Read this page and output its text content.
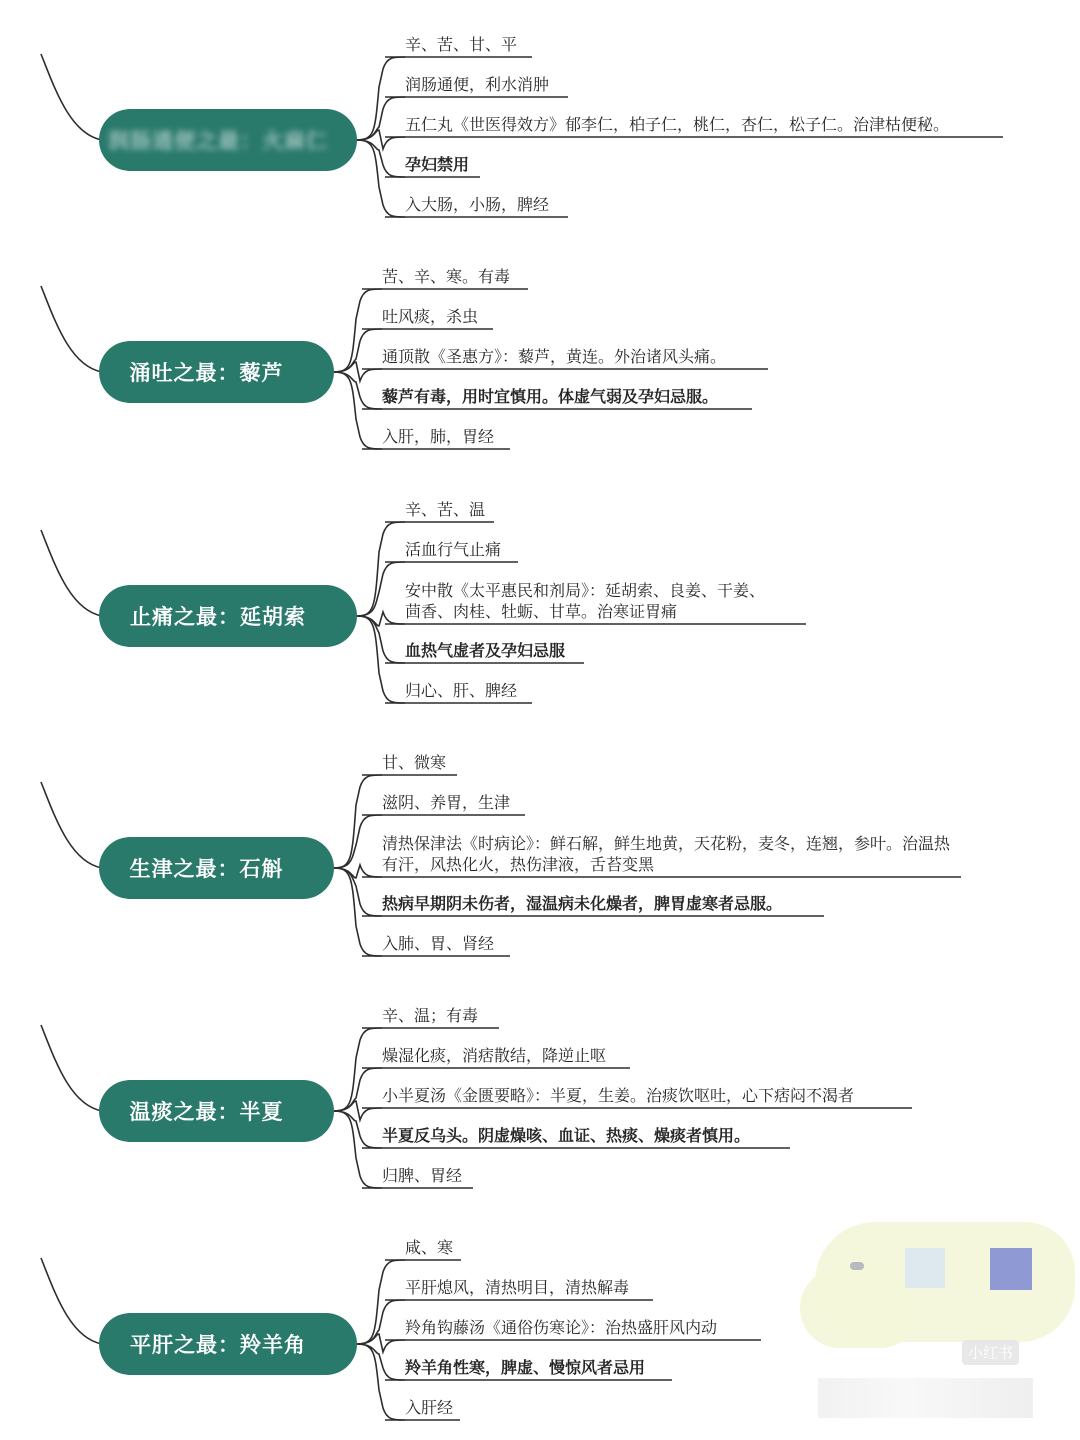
润肠通便之最：火麻仁
辛、苦、甘、平
润肠通便，利水消肿
五仁丸《世医得效方》郁李仁，柏子仁，桃仁，杏仁，松子仁。治津枯便秘。
孕妇禁用
入大肠，小肠，脾经
涌吐之最：藜芦
苦、辛、寒。有毒
吐风痰，杀虫
通顶散《圣惠方》：藜芦，黄连。外治诸风头痛。
藜芦有毒，用时宜慎用。体虚气弱及孕妇忌服。
入肝，肺，胃经
止痛之最：延胡索
辛、苦、温
活血行气止痛
安中散《太平惠民和剂局》：延胡索、良姜、干姜、茴香、肉桂、牡蛎、甘草。治寒证胃痛
血热气虚者及孕妇忌服
归心、肝、脾经
生津之最：石斛
甘、微寒
滋阴、养胃，生津
清热保津法《时病论》：鲜石解，鲜生地黄，天花粉，麦冬，连翘，参叶。治温热有汗，风热化火，热伤津液，舌苔变黑
热病早期阴未伤者，湿温病未化燥者，脾胃虚寒者忌服。
入肺、胃、肾经
温痰之最：半夏
辛、温；有毒
燥湿化痰，消痞散结，降逆止呕
小半夏汤《金匮要略》：半夏，生姜。治痰饮呕吐，心下痞闷不渴者
半夏反乌头。阴虚燥咳、血证、热痰、燥痰者慎用。
归脾、胃经
平肝之最：羚羊角
咸、寒
平肝熄风，清热明目，清热解毒
羚角钩藤汤《通俗伤寒论》：治热盛肝风内动
羚羊角性寒，脾虚、慢惊风者忌用
入肝经
小红书
